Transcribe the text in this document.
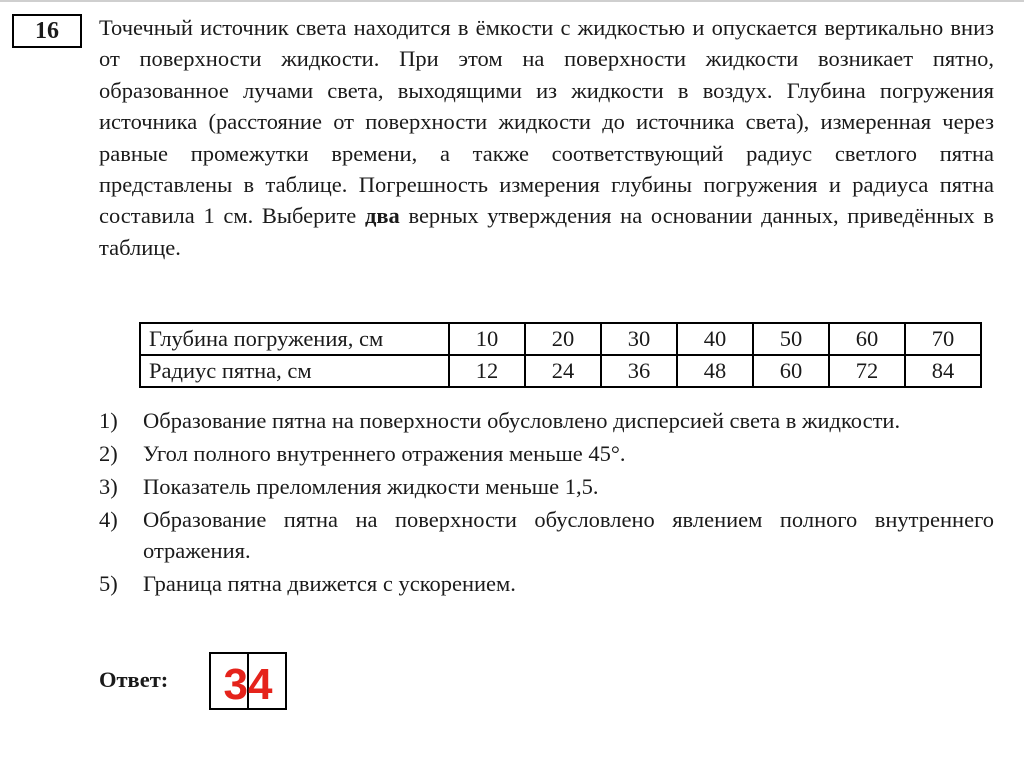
16	Точечный источник света находится в ёмкости с жидкостью и опускается вертикально вниз от поверхности жидкости. При этом на поверхности жидкости возникает пятно, образованное лучами света, выходящими из жидкости в воздух. Глубина погружения источника (расстояние от поверхности жидкости до источника света), измеренная через равные промежутки времени, а также соответствующий радиус светлого пятна представлены в таблице. Погрешность измерения глубины погружения и радиуса пятна составила 1 см. Выберите два верных утверждения на основании данных, приведённых в таблице.
Глубина погружения, см	10	20	30	40	50	60	70
Радиус пятна, см	12	24	36	48	60	72	84
1) Образование пятна на поверхности обусловлено дисперсией света в жидкости.
2) Угол полного внутреннего отражения меньше 45°.
3) Показатель преломления жидкости меньше 1,5.
4) Образование пятна на поверхности обусловлено явлением полного внутреннего отражения.
5) Граница пятна движется с ускорением.
Ответ:	34
